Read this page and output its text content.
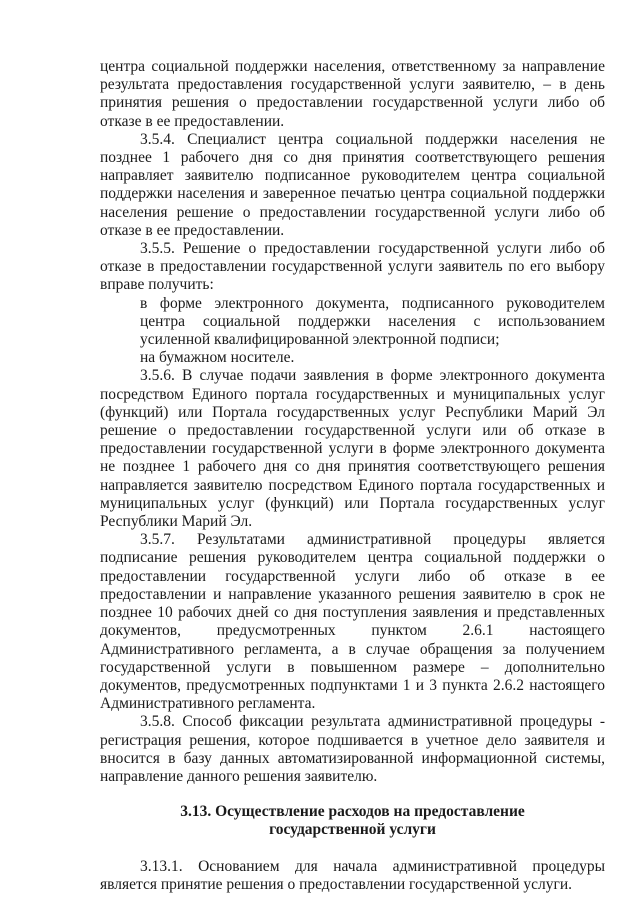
центра социальной поддержки населения, ответственному за направление результата предоставления государственной услуги заявителю, – в день принятия решения о предоставлении государственной услуги либо об отказе в ее предоставлении.

3.5.4. Специалист центра социальной поддержки населения не позднее 1 рабочего дня со дня принятия соответствующего решения направляет заявителю подписанное руководителем центра социальной поддержки населения и заверенное печатью центра социальной поддержки населения решение о предоставлении государственной услуги либо об отказе в ее предоставлении.

3.5.5. Решение о предоставлении государственной услуги либо об отказе в предоставлении государственной услуги заявитель по его выбору вправе получить:

в форме электронного документа, подписанного руководителем центра социальной поддержки населения с использованием усиленной квалифицированной электронной подписи;

на бумажном носителе.

3.5.6. В случае подачи заявления в форме электронного документа посредством Единого портала государственных и муниципальных услуг (функций) или Портала государственных услуг Республики Марий Эл решение о предоставлении государственной услуги или об отказе в предоставлении государственной услуги в форме электронного документа не позднее 1 рабочего дня со дня принятия соответствующего решения направляется заявителю посредством Единого портала государственных и муниципальных услуг (функций) или Портала государственных услуг Республики Марий Эл.

3.5.7. Результатами административной процедуры является подписание решения руководителем центра социальной поддержки о предоставлении государственной услуги либо об отказе в ее предоставлении и направление указанного решения заявителю в срок не позднее 10 рабочих дней со дня поступления заявления и представленных документов, предусмотренных пунктом 2.6.1 настоящего Административного регламента, а в случае обращения за получением государственной услуги в повышенном размере – дополнительно документов, предусмотренных подпунктами 1 и 3 пункта 2.6.2 настоящего Административного регламента.

3.5.8. Способ фиксации результата административной процедуры - регистрация решения, которое подшивается в учетное дело заявителя и вносится в базу данных автоматизированной информационной системы, направление данного решения заявителю.

3.13. Осуществление расходов на предоставление
государственной услуги

3.13.1. Основанием для начала административной процедуры является принятие решения о предоставлении государственной услуги.
